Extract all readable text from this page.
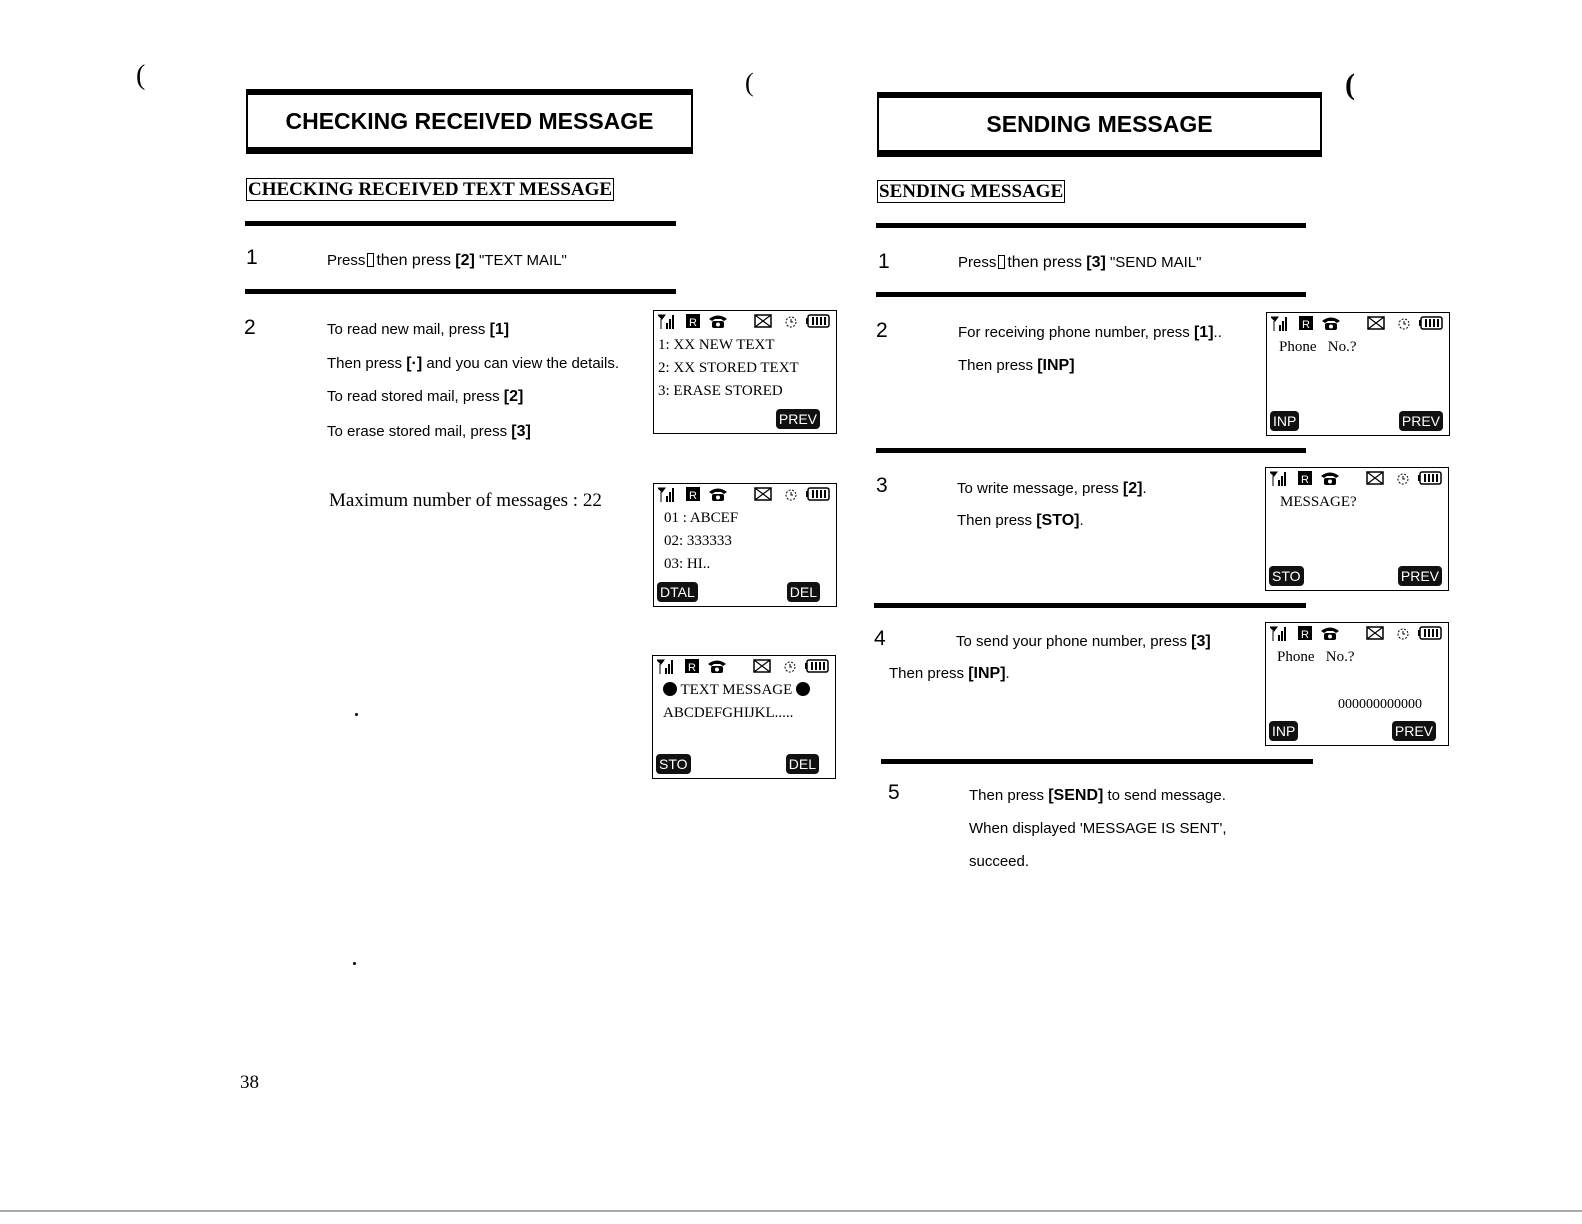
(	(	(
CHECKING RECEIVED MESSAGE
CHECKING RECEIVED TEXT MESSAGE
1	Press then press [2] "TEXT MAIL"
2	To read new mail, press [1]
Then press [·] and you can view the details.
To read stored mail, press [2]
To erase stored mail, press [3]
Maximum number of messages : 22
R
1: XX NEW TEXT
2: XX STORED TEXT
3: ERASE STORED
PREV
R
01 : ABCEF
02: 333333
03: HI..
DTAL	DEL
R
TEXT MESSAGE
ABCDEFGHIJKL.....
STO	DEL
38
SENDING MESSAGE
SENDING MESSAGE
1	Press then press [3] "SEND MAIL"
2	For receiving phone number, press [1]..
Then press [INP]
3	To write message, press [2].
Then press [STO].
4	To send your phone number, press [3]
Then press [INP].
5	Then press [SEND] to send message.
When displayed 'MESSAGE IS SENT',
succeed.
R
Phone   No.?
INP	PREV
R
MESSAGE?
STO	PREV
R
Phone   No.?
000000000000
INP	PREV
